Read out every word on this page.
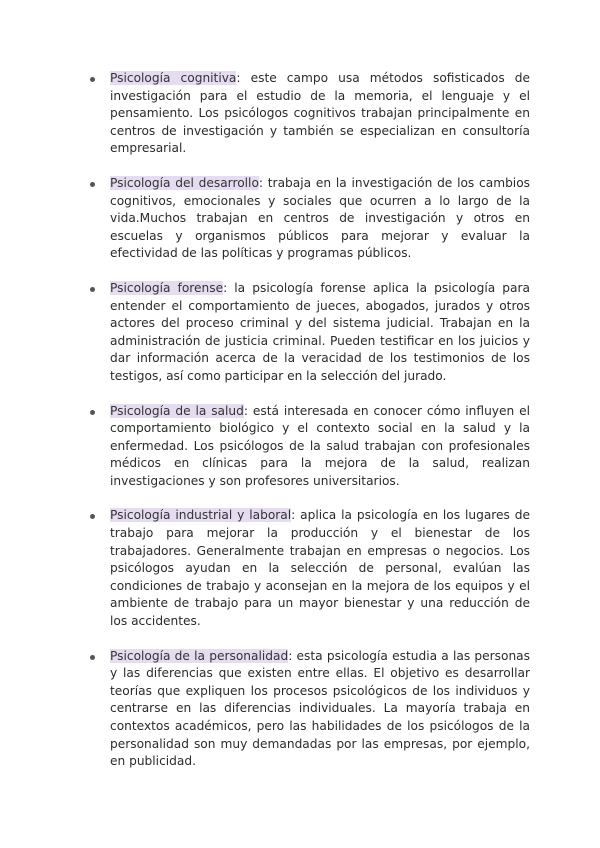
Psicología cognitiva: este campo usa métodos sofisticados de investigación para el estudio de la memoria, el lenguaje y el pensamiento. Los psicólogos cognitivos trabajan principalmente en centros de investigación y también se especializan en consultoría empresarial.
Psicología del desarrollo: trabaja en la investigación de los cambios cognitivos, emocionales y sociales que ocurren a lo largo de la vida.Muchos trabajan en centros de investigación y otros en escuelas y organismos públicos para mejorar y evaluar la efectividad de las políticas y programas públicos.
Psicología forense: la psicología forense aplica la psicología para entender el comportamiento de jueces, abogados, jurados y otros actores del proceso criminal y del sistema judicial. Trabajan en la administración de justicia criminal. Pueden testificar en los juicios y dar información acerca de la veracidad de los testimonios de los testigos, así como participar en la selección del jurado.
Psicología de la salud: está interesada en conocer cómo influyen el comportamiento biológico y el contexto social en la salud y la enfermedad. Los psicólogos de la salud trabajan con profesionales médicos en clínicas para la mejora de la salud, realizan investigaciones y son profesores universitarios.
Psicología industrial y laboral: aplica la psicología en los lugares de trabajo para mejorar la producción y el bienestar de los trabajadores. Generalmente trabajan en empresas o negocios. Los psicólogos ayudan en la selección de personal, evalúan las condiciones de trabajo y aconsejan en la mejora de los equipos y el ambiente de trabajo para un mayor bienestar y una reducción de los accidentes.
Psicología de la personalidad: esta psicología estudia a las personas y las diferencias que existen entre ellas. El objetivo es desarrollar teorías que expliquen los procesos psicológicos de los individuos y centrarse en las diferencias individuales. La mayoría trabaja en contextos académicos, pero las habilidades de los psicólogos de la personalidad son muy demandadas por las empresas, por ejemplo, en publicidad.
